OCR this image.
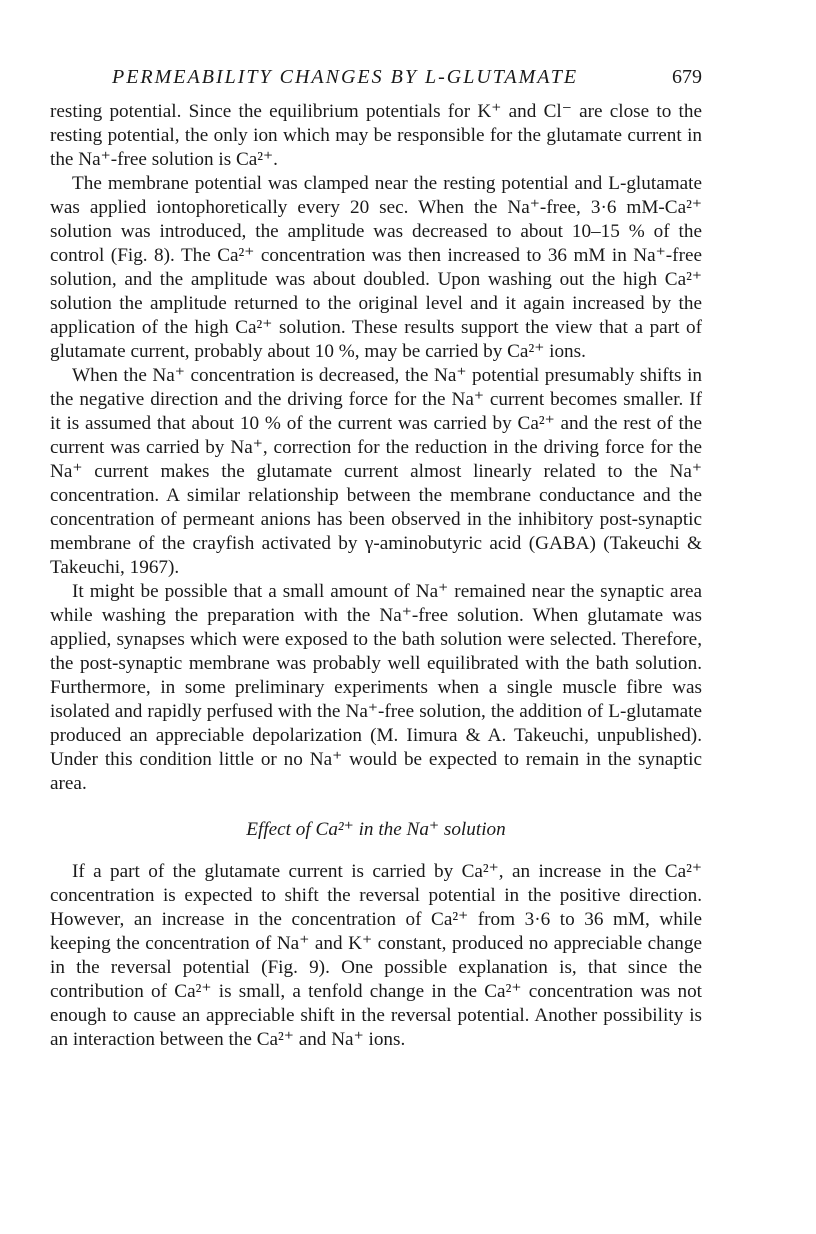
PERMEABILITY CHANGES BY L-GLUTAMATE	679

resting potential. Since the equilibrium potentials for K⁺ and Cl⁻ are close to the resting potential, the only ion which may be responsible for the glutamate current in the Na⁺-free solution is Ca²⁺.

The membrane potential was clamped near the resting potential and L-glutamate was applied iontophoretically every 20 sec. When the Na⁺-free, 3·6 mM-Ca²⁺ solution was introduced, the amplitude was decreased to about 10–15 % of the control (Fig. 8). The Ca²⁺ concentration was then increased to 36 mM in Na⁺-free solution, and the amplitude was about doubled. Upon washing out the high Ca²⁺ solution the amplitude returned to the original level and it again increased by the application of the high Ca²⁺ solution. These results support the view that a part of glutamate current, probably about 10 %, may be carried by Ca²⁺ ions.

When the Na⁺ concentration is decreased, the Na⁺ potential presumably shifts in the negative direction and the driving force for the Na⁺ current becomes smaller. If it is assumed that about 10 % of the current was carried by Ca²⁺ and the rest of the current was carried by Na⁺, correction for the reduction in the driving force for the Na⁺ current makes the glutamate current almost linearly related to the Na⁺ concentration. A similar relationship between the membrane conductance and the concentration of permeant anions has been observed in the inhibitory post-synaptic membrane of the crayfish activated by γ-aminobutyric acid (GABA) (Takeuchi & Takeuchi, 1967).

It might be possible that a small amount of Na⁺ remained near the synaptic area while washing the preparation with the Na⁺-free solution. When glutamate was applied, synapses which were exposed to the bath solution were selected. Therefore, the post-synaptic membrane was probably well equilibrated with the bath solution. Furthermore, in some preliminary experiments when a single muscle fibre was isolated and rapidly perfused with the Na⁺-free solution, the addition of L-glutamate produced an appreciable depolarization (M. Iimura & A. Takeuchi, unpublished). Under this condition little or no Na⁺ would be expected to remain in the synaptic area.

Effect of Ca²⁺ in the Na⁺ solution

If a part of the glutamate current is carried by Ca²⁺, an increase in the Ca²⁺ concentration is expected to shift the reversal potential in the positive direction. However, an increase in the concentration of Ca²⁺ from 3·6 to 36 mM, while keeping the concentration of Na⁺ and K⁺ constant, produced no appreciable change in the reversal potential (Fig. 9). One possible explanation is, that since the contribution of Ca²⁺ is small, a tenfold change in the Ca²⁺ concentration was not enough to cause an appreciable shift in the reversal potential. Another possibility is an interaction between the Ca²⁺ and Na⁺ ions.
